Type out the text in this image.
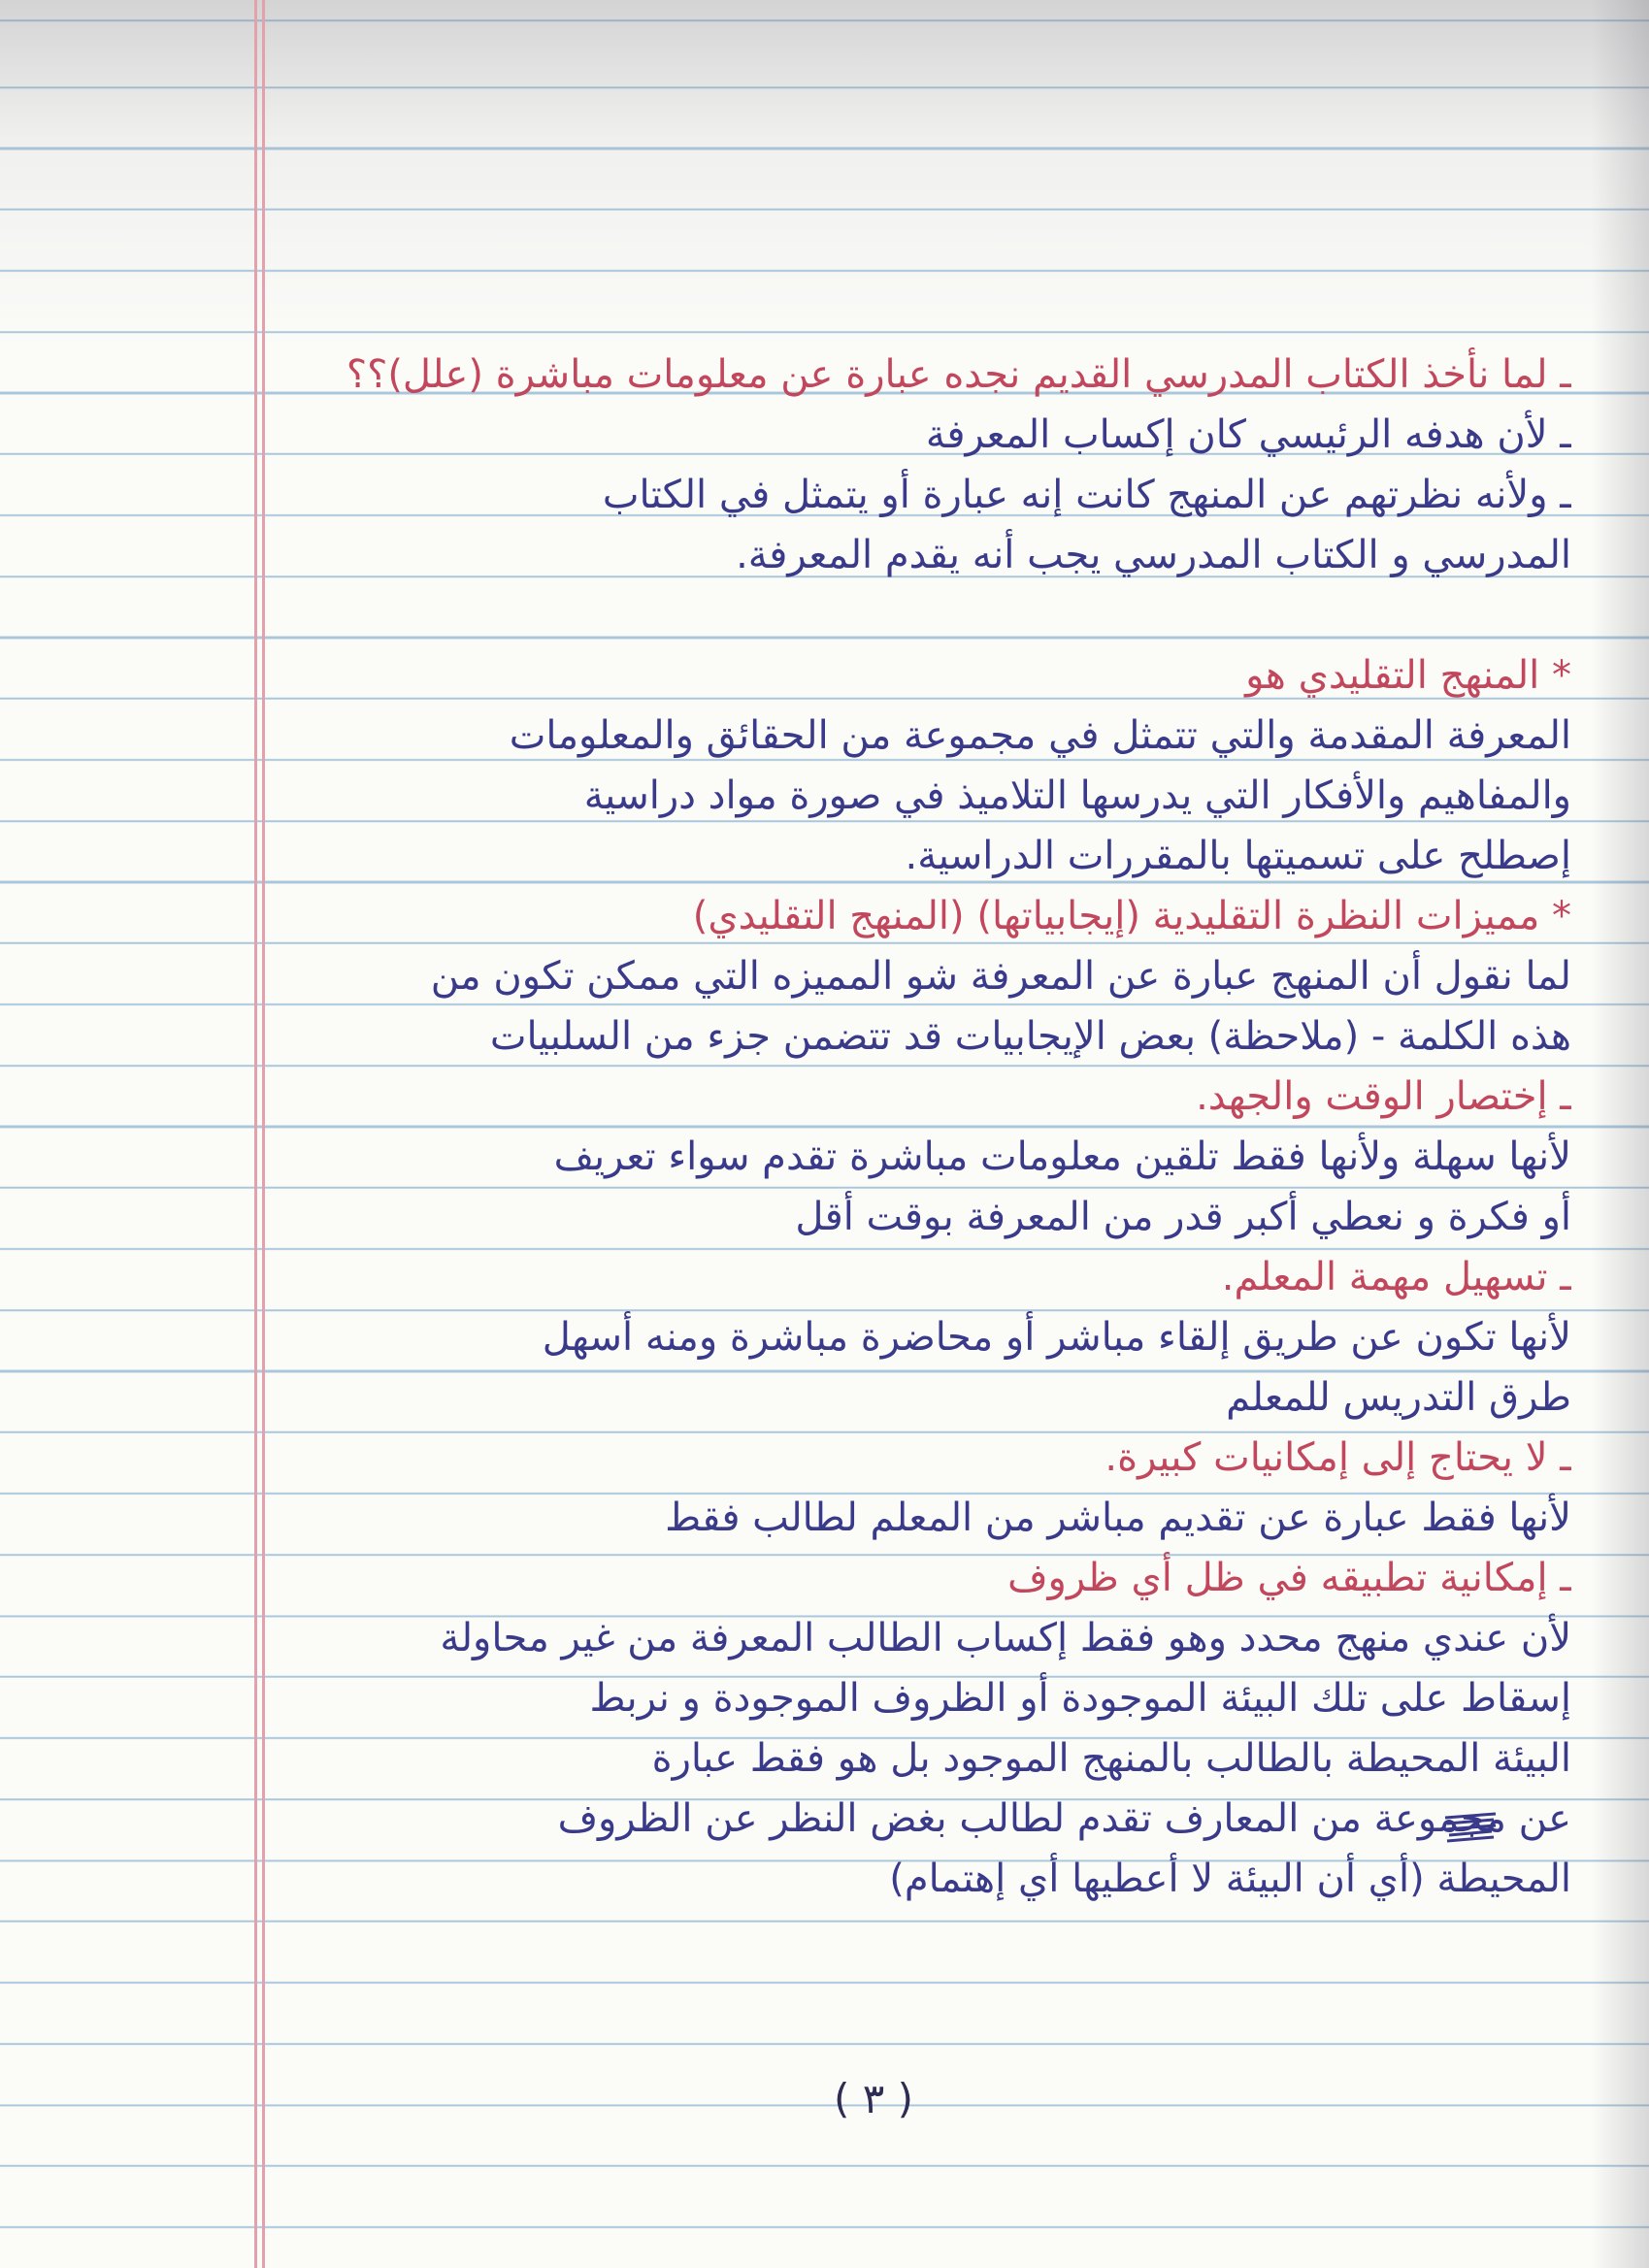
ـ لما نأخذ الكتاب المدرسي القديم نجده عبارة عن معلومات مباشرة (علل)؟؟
ـ لأن هدفه الرئيسي كان إكساب المعرفة
ـ ولأنه نظرتهم عن المنهج كانت إنه عبارة أو يتمثل في الكتاب
المدرسي و الكتاب المدرسي يجب أنه يقدم المعرفة.
* المنهج التقليدي هو
المعرفة المقدمة والتي تتمثل في مجموعة من الحقائق والمعلومات
والمفاهيم والأفكار التي يدرسها التلاميذ في صورة مواد دراسية
إصطلح على تسميتها بالمقررات الدراسية.
* مميزات النظرة التقليدية (إيجابياتها) (المنهج التقليدي)
لما نقول أن المنهج عبارة عن المعرفة شو المميزه التي ممكن تكون من
هذه الكلمة - (ملاحظة) بعض الإيجابيات قد تتضمن جزء من السلبيات
ـ إختصار الوقت والجهد.
لأنها سهلة ولأنها فقط تلقين معلومات مباشرة تقدم سواء تعريف
أو فكرة و نعطي أكبر قدر من المعرفة بوقت أقل
ـ تسهيل مهمة المعلم.
لأنها تكون عن طريق إلقاء مباشر أو محاضرة مباشرة ومنه أسهل
طرق التدريس للمعلم
ـ لا يحتاج إلى إمكانيات كبيرة.
لأنها فقط عبارة عن تقديم مباشر من المعلم لطالب فقط
ـ إمكانية تطبيقه في ظل أي ظروف
لأن عندي منهج محدد وهو فقط إكساب الطالب المعرفة من غير محاولة
إسقاط على تلك البيئة الموجودة أو الظروف الموجودة و نربط
البيئة المحيطة بالطالب بالمنهج الموجود بل هو فقط عبارة
عن مجموعة من المعارف تقدم لطالب بغض النظر عن الظروف
المحيطة (أي أن البيئة لا أعطيها أي إهتمام)
( ٣ )
